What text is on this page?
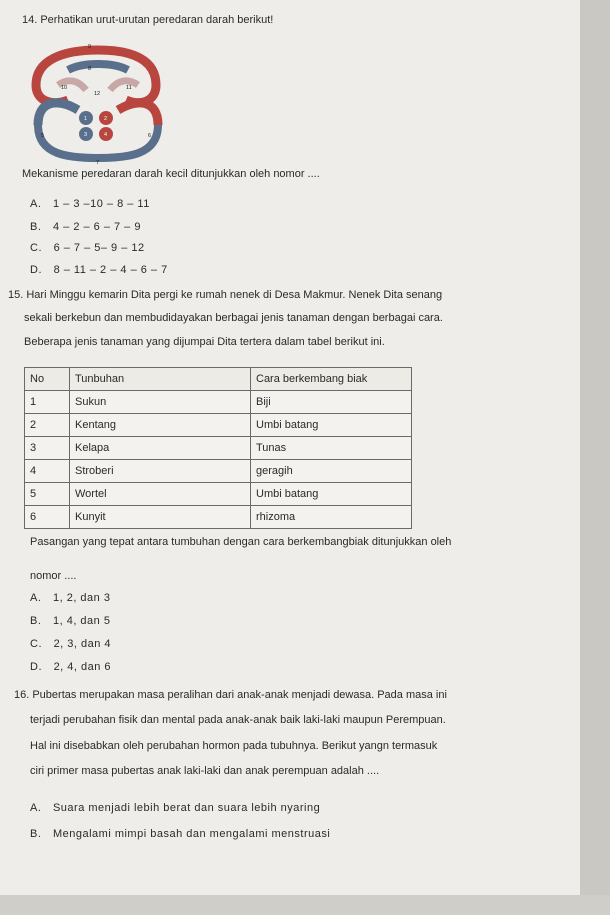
14. Perhatikan urut-urutan peredaran darah berikut!
9
8
10	11
12
1	2
3	4
5	6
7
Mekanisme peredaran darah kecil ditunjukkan oleh nomor ....
A. 1 – 3 –10 – 8 – 11
B. 4 – 2 – 6 – 7 – 9
C. 6 – 7 – 5– 9 – 12
D. 8 – 11 – 2 – 4 – 6 – 7
15. Hari Minggu kemarin Dita pergi ke rumah nenek di Desa Makmur. Nenek Dita senang
sekali berkebun dan membudidayakan berbagai jenis tanaman dengan berbagai cara.
Beberapa jenis tanaman yang dijumpai Dita tertera dalam tabel berikut ini.
No	Tunbuhan	Cara berkembang biak
1	Sukun	Biji
2	Kentang	Umbi batang
3	Kelapa	Tunas
4	Stroberi	geragih
5	Wortel	Umbi batang
6	Kunyit	rhizoma
Pasangan yang tepat antara tumbuhan dengan cara berkembangbiak ditunjukkan oleh
nomor ....
A. 1, 2, dan 3
B. 1, 4, dan 5
C. 2, 3, dan 4
D. 2, 4, dan 6
16. Pubertas merupakan masa peralihan dari anak-anak menjadi dewasa. Pada masa ini
terjadi perubahan fisik dan mental pada anak-anak baik laki-laki maupun Perempuan.
Hal ini disebabkan oleh perubahan hormon pada tubuhnya. Berikut yangn termasuk
ciri primer masa pubertas anak laki-laki dan anak perempuan adalah ....
A. Suara menjadi lebih berat dan suara lebih nyaring
B. Mengalami mimpi basah dan mengalami menstruasi
